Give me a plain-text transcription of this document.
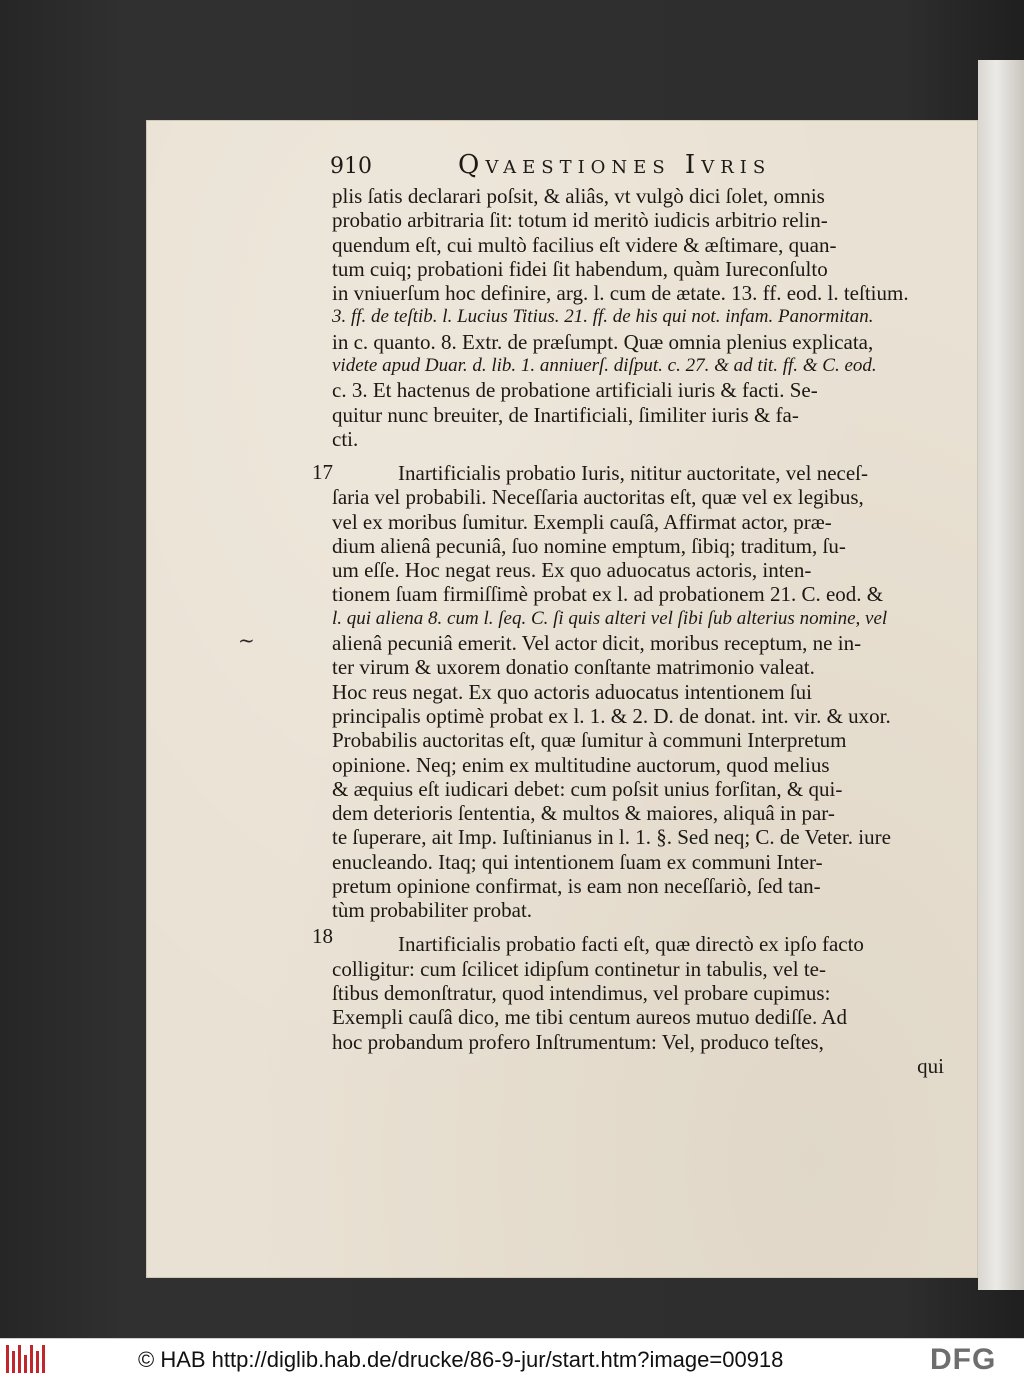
910	Qvaestiones Ivris
plis ſatis declarari poſsit, & aliâs, vt vulgò dici ſolet, omnis
probatio arbitraria ſit: totum id meritò iudicis arbitrio relin-
quendum eſt, cui multò facilius eſt videre & æſtimare, quan-
tum cuiq; probationi fidei ſit habendum, quàm Iureconſulto
in vniuerſum hoc definire, arg. l. cum de ætate. 13. ff. eod. l. teſtium.
3. ff. de teſtib. l. Lucius Titius. 21. ff. de his qui not. infam. Panormitan.
in c. quanto. 8. Extr. de præſumpt. Quæ omnia plenius explicata,
videte apud Duar. d. lib. 1. anniuerſ. diſput. c. 27. & ad tit. ff. & C. eod.
c. 3. Et hactenus de probatione artificiali iuris & facti. Se-
quitur nunc breuiter, de Inartificiali, ſimiliter iuris & fa-
cti.
Inartificialis probatio Iuris, nititur auctoritate, vel neceſ-
ſaria vel probabili. Neceſſaria auctoritas eſt, quæ vel ex legibus,
vel ex moribus ſumitur. Exempli cauſâ, Affirmat actor, præ-
dium alienâ pecuniâ, ſuo nomine emptum, ſibiq; traditum, ſu-
um eſſe. Hoc negat reus. Ex quo aduocatus actoris, inten-
tionem ſuam firmiſſimè probat ex l. ad probationem 21. C. eod. &
l. qui aliena 8. cum l. ſeq. C. ſi quis alteri vel ſibi ſub alterius nomine, vel
alienâ pecuniâ emerit. Vel actor dicit, moribus receptum, ne in-
ter virum & uxorem donatio conſtante matrimonio valeat.
Hoc reus negat. Ex quo actoris aduocatus intentionem ſui
principalis optimè probat ex l. 1. & 2. D. de donat. int. vir. & uxor.
Probabilis auctoritas eſt, quæ ſumitur à communi Interpretum
opinione. Neq; enim ex multitudine auctorum, quod melius
& æquius eſt iudicari debet: cum poſsit unius forſitan, & qui-
dem deterioris ſententia, & multos & maiores, aliquâ in par-
te ſuperare, ait Imp. Iuſtinianus in l. 1. §. Sed neq; C. de Veter. iure
enucleando. Itaq; qui intentionem ſuam ex communi Inter-
pretum opinione confirmat, is eam non neceſſariò, ſed tan-
tùm probabiliter probat.
Inartificialis probatio facti eſt, quæ directò ex ipſo facto
colligitur: cum ſcilicet idipſum continetur in tabulis, vel te-
ſtibus demonſtratur, quod intendimus, vel probare cupimus:
Exempli cauſâ dico, me tibi centum aureos mutuo dediſſe. Ad
hoc probandum profero Inſtrumentum: Vel, produco teſtes,
qui
17
18
~
© HAB http://diglib.hab.de/drucke/86-9-jur/start.htm?image=00918	DFG
